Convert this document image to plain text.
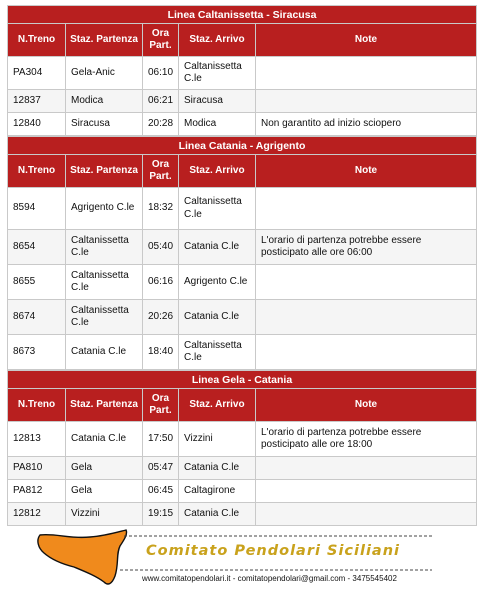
Linea Caltanissetta - Siracusa				
N.Treno	Staz. Partenza	Ora Part.	Staz. Arrivo	Note
PA304	Gela-Anic	06:10	Caltanissetta C.le	
12837	Modica	06:21	Siracusa	
12840	Siracusa	20:28	Modica	Non garantito ad inizio sciopero
Linea Catania - Agrigento				
N.Treno	Staz. Partenza	Ora Part.	Staz. Arrivo	Note
8594	Agrigento C.le	18:32	Caltanissetta C.le	
8654	Caltanissetta C.le	05:40	Catania C.le	L'orario di partenza potrebbe essere posticipato alle ore 06:00
8655	Caltanissetta C.le	06:16	Agrigento C.le	
8674	Caltanissetta C.le	20:26	Catania C.le	
8673	Catania C.le	18:40	Caltanissetta C.le	
Linea Gela - Catania				
N.Treno	Staz. Partenza	Ora Part.	Staz. Arrivo	Note
12813	Catania C.le	17:50	Vizzini	L'orario di partenza potrebbe essere posticipato alle ore 18:00
PA810	Gela	05:47	Catania C.le	
PA812	Gela	06:45	Caltagirone	
12812	Vizzini	19:15	Catania C.le	
Comitato Pendolari Siciliani
www.comitatopendolari.it - comitatopendolari@gmail.com - 3475545402
